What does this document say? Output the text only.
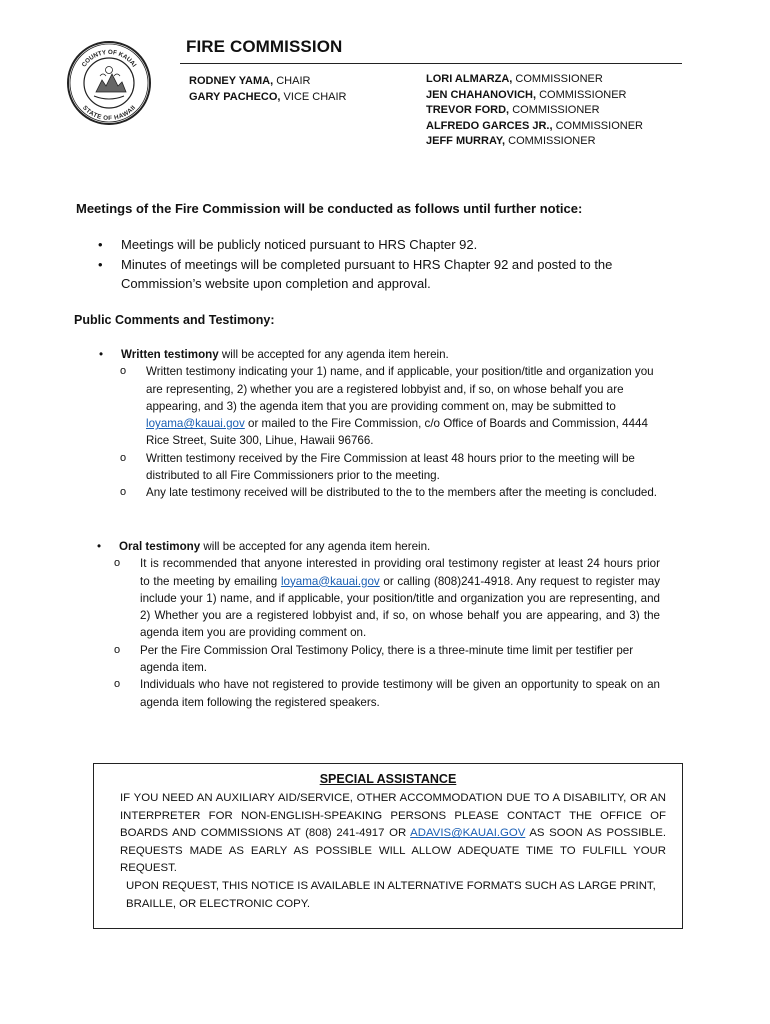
COUNTY OF KAUAI
STATE OF HAWAII
FIRE COMMISSION
RODNEY YAMA, CHAIR
GARY PACHECO, VICE CHAIR
LORI ALMARZA, COMMISSIONER
JEN CHAHANOVICH, COMMISSIONER
TREVOR FORD, COMMISSIONER
ALFREDO GARCES JR., COMMISSIONER
JEFF MURRAY, COMMISSIONER
Meetings of the Fire Commission will be conducted as follows until further notice:
• Meetings will be publicly noticed pursuant to HRS Chapter 92.
• Minutes of meetings will be completed pursuant to HRS Chapter 92 and posted to the Commission’s website upon completion and approval.
Public Comments and Testimony:
• Written testimony will be accepted for any agenda item herein.
o Written testimony indicating your 1) name, and if applicable, your position/title and organization you are representing, 2) whether you are a registered lobbyist and, if so, on whose behalf you are appearing, and 3) the agenda item that you are providing comment on, may be submitted to loyama@kauai.gov or mailed to the Fire Commission, c/o Office of Boards and Commission, 4444 Rice Street, Suite 300, Lihue, Hawaii 96766.
o Written testimony received by the Fire Commission at least 48 hours prior to the meeting will be distributed to all Fire Commissioners prior to the meeting.
o Any late testimony received will be distributed to the to the members after the meeting is concluded.
• Oral testimony will be accepted for any agenda item herein.
o It is recommended that anyone interested in providing oral testimony register at least 24 hours prior to the meeting by emailing loyama@kauai.gov or calling (808)241-4918. Any request to register may include your 1) name, and if applicable, your position/title and organization you are representing, and 2) Whether you are a registered lobbyist and, if so, on whose behalf you are appearing, and 3) the agenda item you are providing comment on.
o Per the Fire Commission Oral Testimony Policy, there is a three-minute time limit per testifier per agenda item.
o Individuals who have not registered to provide testimony will be given an opportunity to speak on an agenda item following the registered speakers.
SPECIAL ASSISTANCE
IF YOU NEED AN AUXILIARY AID/SERVICE, OTHER ACCOMMODATION DUE TO A DISABILITY, OR AN INTERPRETER FOR NON-ENGLISH-SPEAKING PERSONS PLEASE CONTACT THE OFFICE OF BOARDS AND COMMISSIONS AT (808) 241-4917 OR ADAVIS@KAUAI.GOV AS SOON AS POSSIBLE. REQUESTS MADE AS EARLY AS POSSIBLE WILL ALLOW ADEQUATE TIME TO FULFILL YOUR REQUEST.
UPON REQUEST, THIS NOTICE IS AVAILABLE IN ALTERNATIVE FORMATS SUCH AS LARGE PRINT, BRAILLE, OR ELECTRONIC COPY.
